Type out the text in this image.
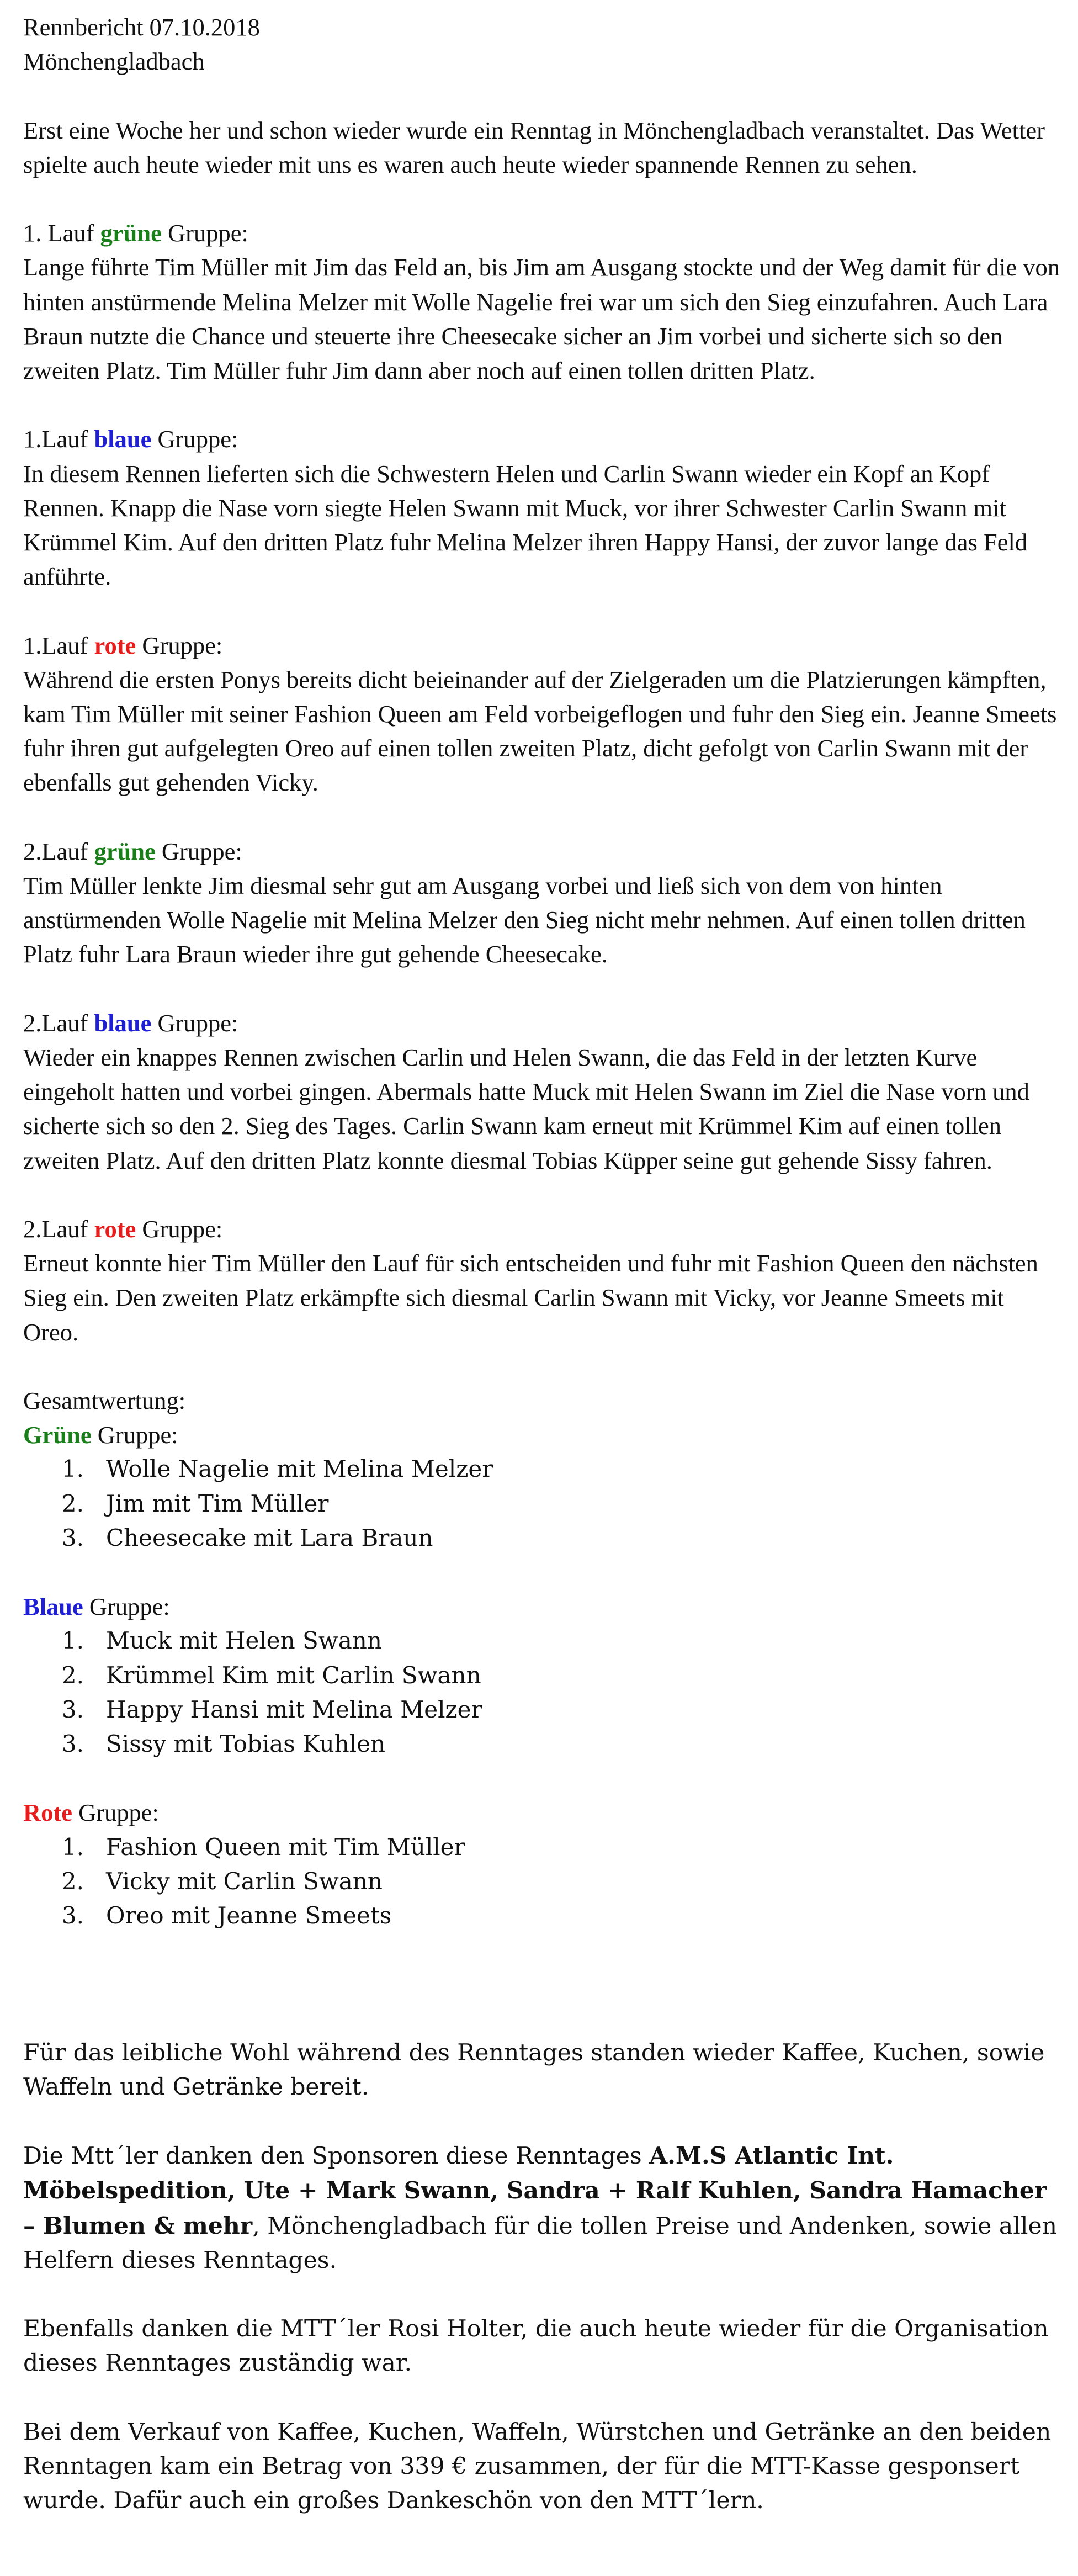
Rennbericht 07.10.2018

Mönchengladbach

Erst eine Woche her und schon wieder wurde ein Renntag in Mönchengladbach veranstaltet. Das Wetter spielte auch heute wieder mit uns es waren auch heute wieder spannende Rennen zu sehen.

1. Lauf grüne Gruppe:

Lange führte Tim Müller mit Jim das Feld an, bis Jim am Ausgang stockte und der Weg damit für die von hinten anstürmende Melina Melzer mit Wolle Nagelie frei war um sich den Sieg einzufahren. Auch Lara Braun nutzte die Chance und steuerte ihre Cheesecake sicher an Jim vorbei und sicherte sich so den zweiten Platz. Tim Müller fuhr Jim dann aber noch auf einen tollen dritten Platz.

1.Lauf blaue Gruppe:

In diesem Rennen lieferten sich die Schwestern Helen und Carlin Swann wieder ein Kopf an Kopf Rennen. Knapp die Nase vorn siegte Helen Swann mit Muck, vor ihrer Schwester Carlin Swann mit Krümmel Kim. Auf den dritten Platz fuhr Melina Melzer ihren Happy Hansi, der zuvor lange das Feld anführte.

1.Lauf rote Gruppe:

Während die ersten Ponys bereits dicht beieinander auf der Zielgeraden um die Platzierungen kämpften, kam Tim Müller mit seiner Fashion Queen am Feld vorbeigeflogen und fuhr den Sieg ein. Jeanne Smeets fuhr ihren gut aufgelegten Oreo auf einen tollen zweiten Platz, dicht gefolgt von Carlin Swann mit der ebenfalls gut gehenden Vicky.

2.Lauf grüne Gruppe:

Tim Müller lenkte Jim diesmal sehr gut am Ausgang vorbei und ließ sich von dem von hinten anstürmenden Wolle Nagelie mit Melina Melzer den Sieg nicht mehr nehmen. Auf einen tollen dritten Platz fuhr Lara Braun wieder ihre gut gehende Cheesecake.

2.Lauf blaue Gruppe:

Wieder ein knappes Rennen zwischen Carlin und Helen Swann, die das Feld in der letzten Kurve eingeholt hatten und vorbei gingen. Abermals hatte Muck mit Helen Swann im Ziel die Nase vorn und sicherte sich so den 2. Sieg des Tages. Carlin Swann kam erneut mit Krümmel Kim auf einen tollen zweiten Platz. Auf den dritten Platz konnte diesmal Tobias Küpper seine gut gehende Sissy fahren.

2.Lauf rote Gruppe:

Erneut konnte hier Tim Müller den Lauf für sich entscheiden und fuhr mit Fashion Queen den nächsten Sieg ein. Den zweiten Platz erkämpfte sich diesmal Carlin Swann mit Vicky, vor Jeanne Smeets mit Oreo.

Gesamtwertung:

Grüne Gruppe:

1. Wolle Nagelie mit Melina Melzer
2. Jim mit Tim Müller
3. Cheesecake mit Lara Braun

Blaue Gruppe:

1. Muck mit Helen Swann
2. Krümmel Kim mit Carlin Swann
3. Happy Hansi mit Melina Melzer
3. Sissy mit Tobias Kuhlen

Rote Gruppe:

1. Fashion Queen mit Tim Müller
2. Vicky mit Carlin Swann
3. Oreo mit Jeanne Smeets

Für das leibliche Wohl während des Renntages standen wieder Kaffee, Kuchen, sowie Waffeln und Getränke bereit.

Die Mtt´ler danken den Sponsoren diese Renntages A.M.S Atlantic Int. Möbelspedition, Ute + Mark Swann, Sandra + Ralf Kuhlen, Sandra Hamacher – Blumen & mehr, Mönchengladbach für die tollen Preise und Andenken, sowie allen Helfern dieses Renntages.

Ebenfalls danken die MTT´ler Rosi Holter, die auch heute wieder für die Organisation dieses Renntages zuständig war.

Bei dem Verkauf von Kaffee, Kuchen, Waffeln, Würstchen und Getränke an den beiden Renntagen kam ein Betrag von 339 € zusammen, der für die MTT-Kasse gesponsert wurde. Dafür auch ein großes Dankeschön von den MTT´lern.
